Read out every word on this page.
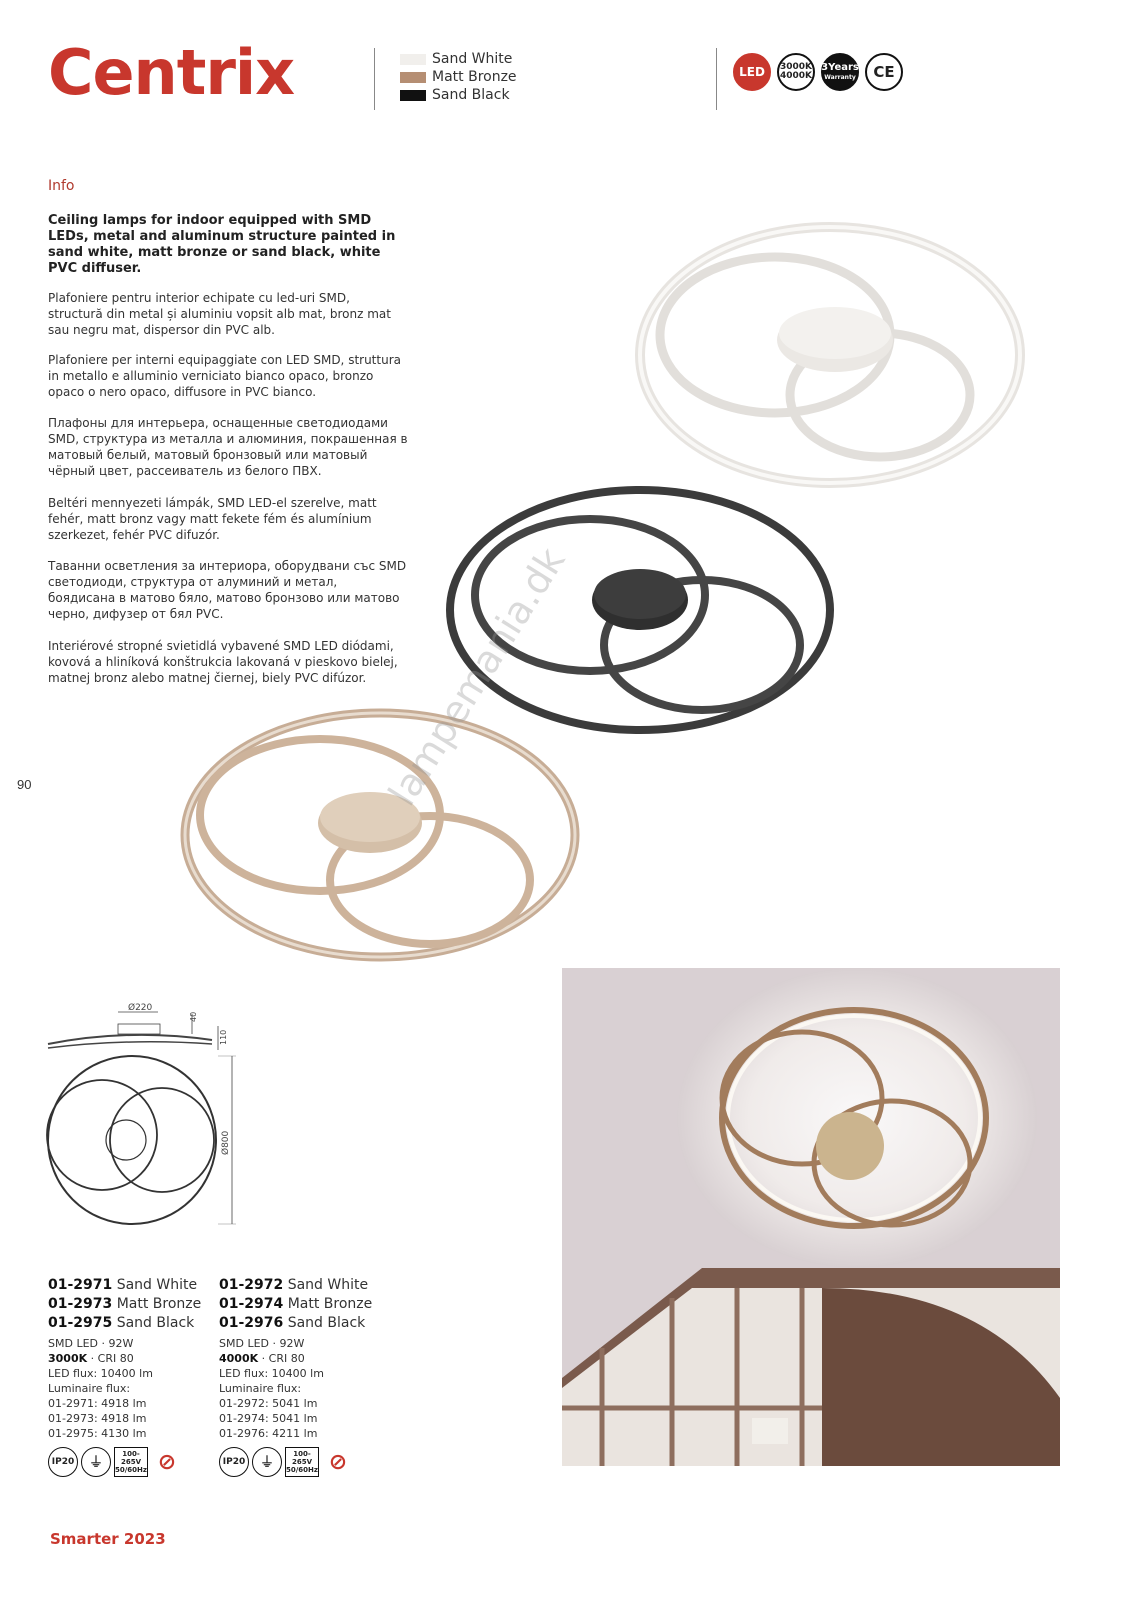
Centrix	Sand White
Matt Bronze
Sand Black
LED 3000K
4000K
3Years
Warranty CE
Info
Ceiling lamps for indoor equipped with SMD LEDs, metal and aluminum structure painted in sand white, matt bronze or sand black, white PVC diffuser.
Plafoniere pentru interior echipate cu led-uri SMD, structură din metal și aluminiu vopsit alb mat, bronz mat sau negru mat, dispersor din PVC alb.
Plafoniere per interni equipaggiate con LED SMD, struttura in metallo e alluminio verniciato bianco opaco, bronzo opaco o nero opaco, diffusore in PVC bianco.
Плафоны для интерьера, оснащенные светодиодами SMD, структура из металла и алюминия, покрашенная в матовый белый, матовый бронзовый или матовый чёрный цвет, рассеиватель из белого ПВХ.
Beltéri mennyezeti lámpák, SMD LED-el szerelve, matt fehér, matt bronz vagy matt fekete fém és alumínium szerkezet, fehér PVC difuzór.
Таванни осветления за интериора, оборудвани със SMD светодиоди, структура от алуминий и метал, боядисана в матово бяло, матово бронзово или матово черно, дифузер от бял PVC.
Interiérové stropné svietidlá vybavené SMD LED diódami, kovová a hliníková konštrukcia lakovaná v pieskovo bielej, matnej bronz alebo matnej čiernej, biely PVC difúzor.
90	lampemania.dk
Ø220
40
110
Ø800
01-2971 Sand White
01-2973 Matt Bronze
01-2975 Sand Black
SMD LED · 92W
3000K · CRI 80
LED flux: 10400 lm
Luminaire flux:
01-2971: 4918 lm
01-2973: 4918 lm
01-2975: 4130 lm
IP20	⏚
100-265V
50/60Hz ⊘
01-2972 Sand White
01-2974 Matt Bronze
01-2976 Sand Black
SMD LED · 92W
4000K · CRI 80
LED flux: 10400 lm
Luminaire flux:
01-2972: 5041 lm
01-2974: 5041 lm
01-2976: 4211 lm
IP20	⏚
100-265V
50/60Hz ⊘
Smarter 2023
